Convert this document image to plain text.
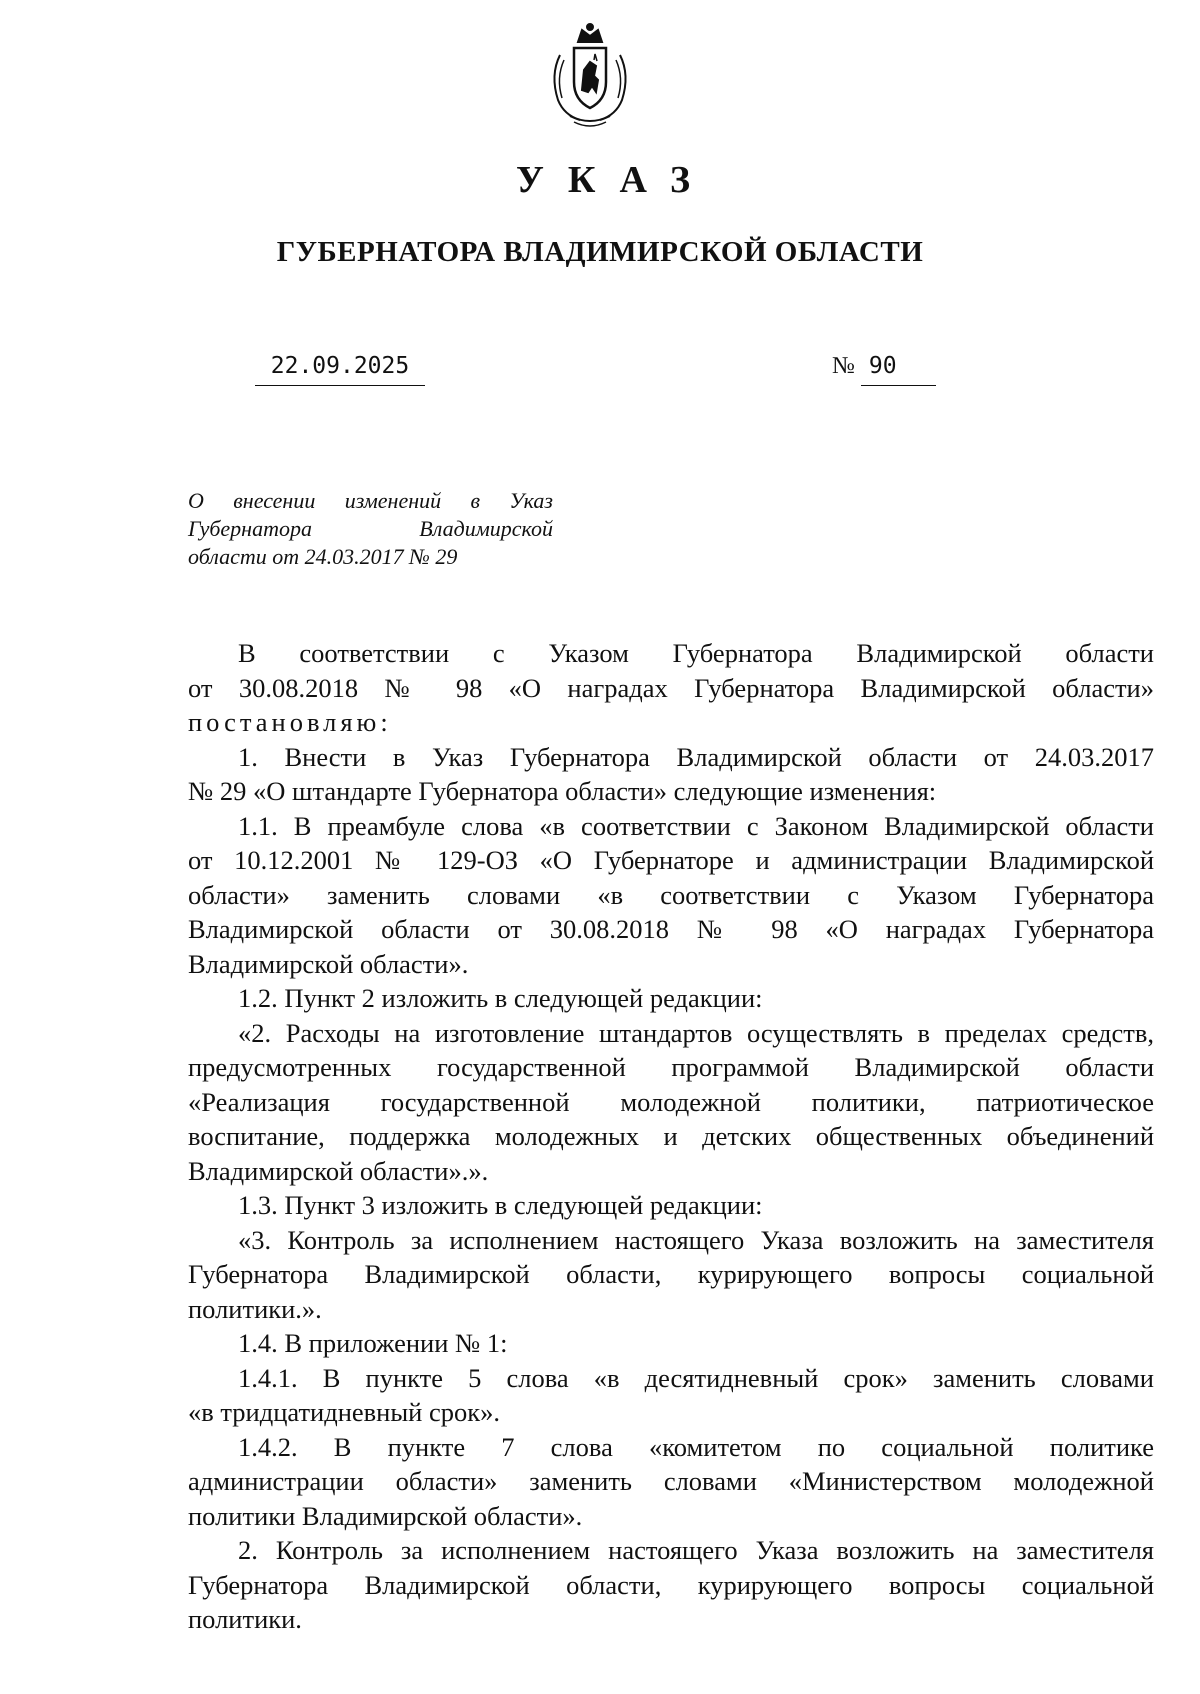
УКАЗ
ГУБЕРНАТОРА ВЛАДИМИРСКОЙ ОБЛАСТИ
22.09.2025	№ 90
О внесении изменений в Указ
Губернатора Владимирской
области от 24.03.2017 № 29
В соответствии с Указом Губернатора Владимирской области
от 30.08.2018 № 98 «О наградах Губернатора Владимирской области»
постановляю:
1. Внести в Указ Губернатора Владимирской области от 24.03.2017
№ 29 «О штандарте Губернатора области» следующие изменения:
1.1. В преамбуле слова «в соответствии с Законом Владимирской области
от 10.12.2001 № 129-ОЗ «О Губернаторе и администрации Владимирской
области» заменить словами «в соответствии с Указом Губернатора
Владимирской области от 30.08.2018 № 98 «О наградах Губернатора
Владимирской области».
1.2. Пункт 2 изложить в следующей редакции:
«2. Расходы на изготовление штандартов осуществлять в пределах средств,
предусмотренных государственной программой Владимирской области
«Реализация государственной молодежной политики, патриотическое
воспитание, поддержка молодежных и детских общественных объединений
Владимирской области».».
1.3. Пункт 3 изложить в следующей редакции:
«3. Контроль за исполнением настоящего Указа возложить на заместителя
Губернатора Владимирской области, курирующего вопросы социальной
политики.».
1.4. В приложении № 1:
1.4.1. В пункте 5 слова «в десятидневный срок» заменить словами
«в тридцатидневный срок».
1.4.2. В пункте 7 слова «комитетом по социальной политике
администрации области» заменить словами «Министерством молодежной
политики Владимирской области».
2. Контроль за исполнением настоящего Указа возложить на заместителя
Губернатора Владимирской области, курирующего вопросы социальной
политики.
